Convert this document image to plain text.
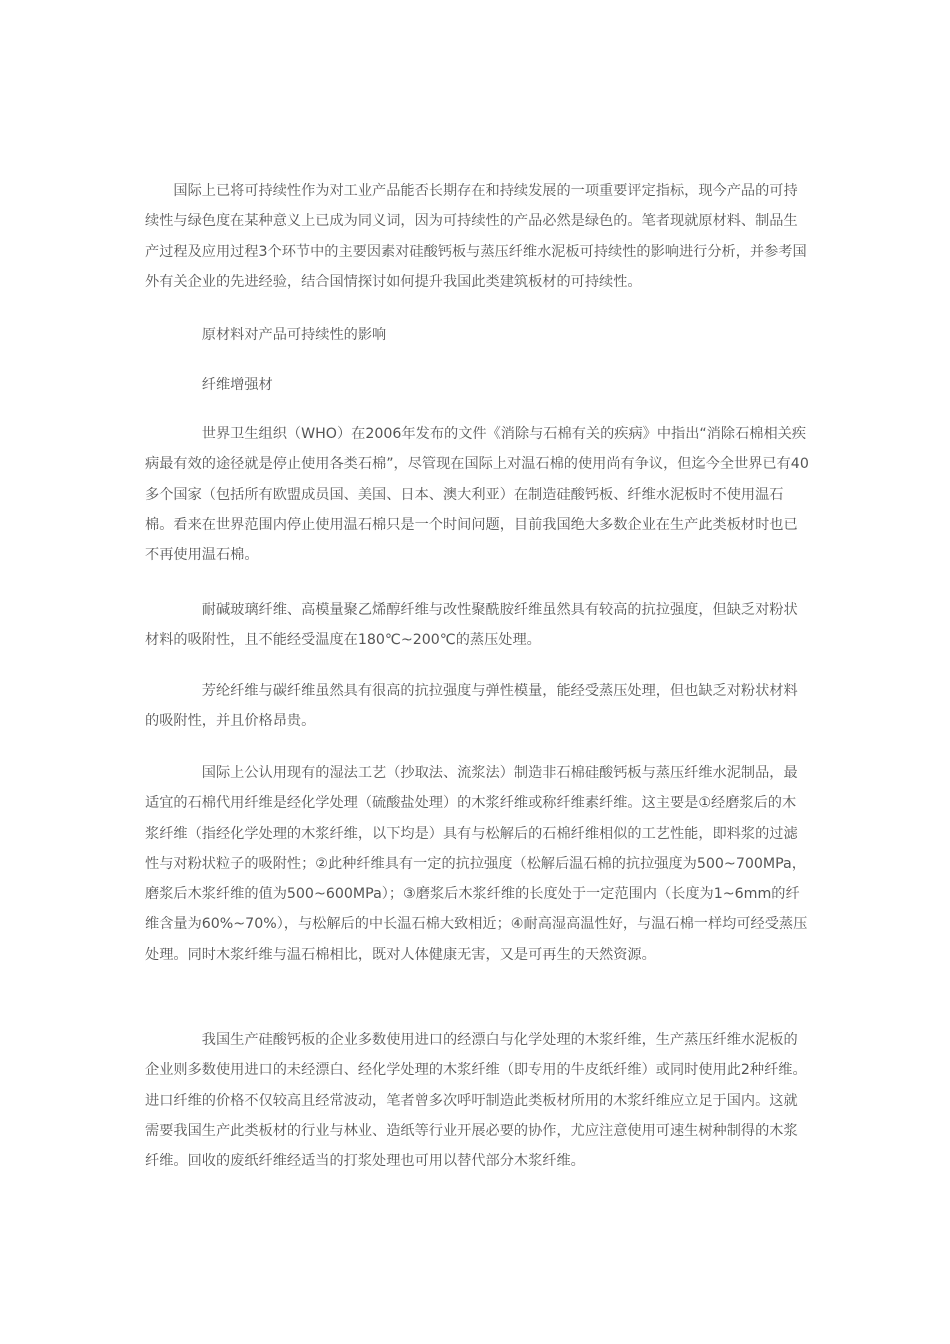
国际上已将可持续性作为对工业产品能否长期存在和持续发展的一项重要评定指标，现今产品的可持续性与绿色度在某种意义上已成为同义词，因为可持续性的产品必然是绿色的。笔者现就原材料、制品生产过程及应用过程3个环节中的主要因素对硅酸钙板与蒸压纤维水泥板可持续性的影响进行分析，并参考国外有关企业的先进经验，结合国情探讨如何提升我国此类建筑板材的可持续性。

原材料对产品可持续性的影响

纤维增强材

世界卫生组织（WHO）在2006年发布的文件《消除与石棉有关的疾病》中指出“消除石棉相关疾病最有效的途径就是停止使用各类石棉”，尽管现在国际上对温石棉的使用尚有争议，但迄今全世界已有40多个国家（包括所有欧盟成员国、美国、日本、澳大利亚）在制造硅酸钙板、纤维水泥板时不使用温石棉。看来在世界范围内停止使用温石棉只是一个时间问题，目前我国绝大多数企业在生产此类板材时也已不再使用温石棉。

耐碱玻璃纤维、高模量聚乙烯醇纤维与改性聚酰胺纤维虽然具有较高的抗拉强度，但缺乏对粉状材料的吸附性，且不能经受温度在180℃~200℃的蒸压处理。

芳纶纤维与碳纤维虽然具有很高的抗拉强度与弹性模量，能经受蒸压处理，但也缺乏对粉状材料的吸附性，并且价格昂贵。

国际上公认用现有的湿法工艺（抄取法、流浆法）制造非石棉硅酸钙板与蒸压纤维水泥制品，最适宜的石棉代用纤维是经化学处理（硫酸盐处理）的木浆纤维或称纤维素纤维。这主要是①经磨浆后的木浆纤维（指经化学处理的木浆纤维，以下均是）具有与松解后的石棉纤维相似的工艺性能，即料浆的过滤性与对粉状粒子的吸附性；②此种纤维具有一定的抗拉强度（松解后温石棉的抗拉强度为500~700MPa，磨浆后木浆纤维的值为500~600MPa）；③磨浆后木浆纤维的长度处于一定范围内（长度为1~6mm的纤维含量为60%~70%），与松解后的中长温石棉大致相近；④耐高湿高温性好，与温石棉一样均可经受蒸压处理。同时木浆纤维与温石棉相比，既对人体健康无害，又是可再生的天然资源。

我国生产硅酸钙板的企业多数使用进口的经漂白与化学处理的木浆纤维，生产蒸压纤维水泥板的企业则多数使用进口的未经漂白、经化学处理的木浆纤维（即专用的牛皮纸纤维）或同时使用此2种纤维。进口纤维的价格不仅较高且经常波动，笔者曾多次呼吁制造此类板材所用的木浆纤维应立足于国内。这就需要我国生产此类板材的行业与林业、造纸等行业开展必要的协作，尤应注意使用可速生树种制得的木浆纤维。回收的废纸纤维经适当的打浆处理也可用以替代部分木浆纤维。
